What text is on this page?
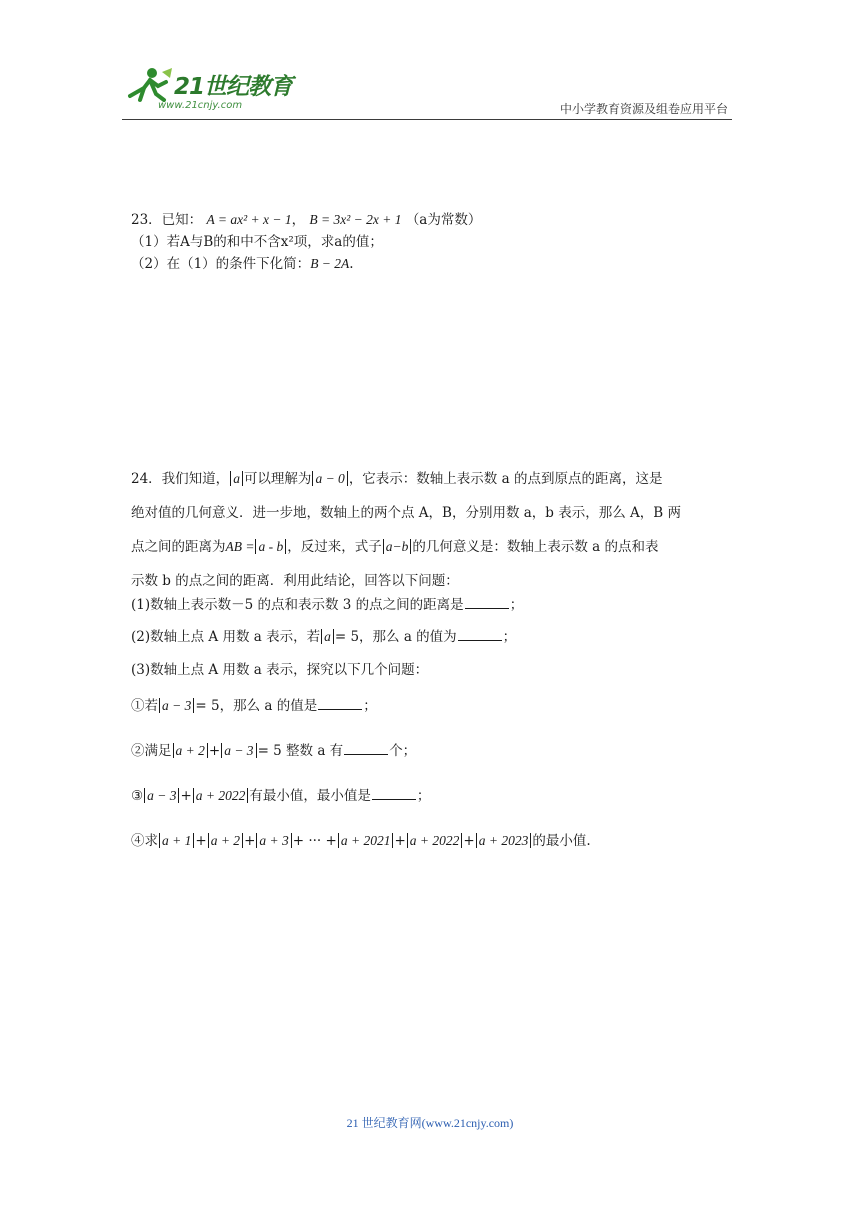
21世纪教育
www.21cnjy.com	中小学教育资源及组卷应用平台
23．已知： A = ax² + x − 1， B = 3x² − 2x + 1 （a为常数）
（1）若A与B的和中不含x²项，求a的值；
（2）在（1）的条件下化简：B − 2A.
24．我们知道， a 可以理解为 a − 0 ，它表示：数轴上表示数 a 的点到原点的距离，这是
绝对值的几何意义．进一步地，数轴上的两个点 A，B，分别用数 a，b 表示，那么 A，B 两
点之间的距离为AB = a - b ，反过来，式子 a−b 的几何意义是：数轴上表示数 a 的点和表
示数 b 的点之间的距离．利用此结论，回答以下问题：
(1)数轴上表示数－5 的点和表示数 3 的点之间的距离是	；
(2)数轴上点 A 用数 a 表示，若 a = 5，那么 a 的值为	；
(3)数轴上点 A 用数 a 表示，探究以下几个问题：
①若 a − 3 = 5，那么 a 的值是	；
②满足 a + 2 + a − 3 = 5 整数 a 有	个；
③ a − 3 + a + 2022 有最小值，最小值是	；
④求 a + 1 + a + 2 + a + 3 + ··· + a + 2021 + a + 2022 + a + 2023 的最小值.
21 世纪教育网(www.21cnjy.com)
